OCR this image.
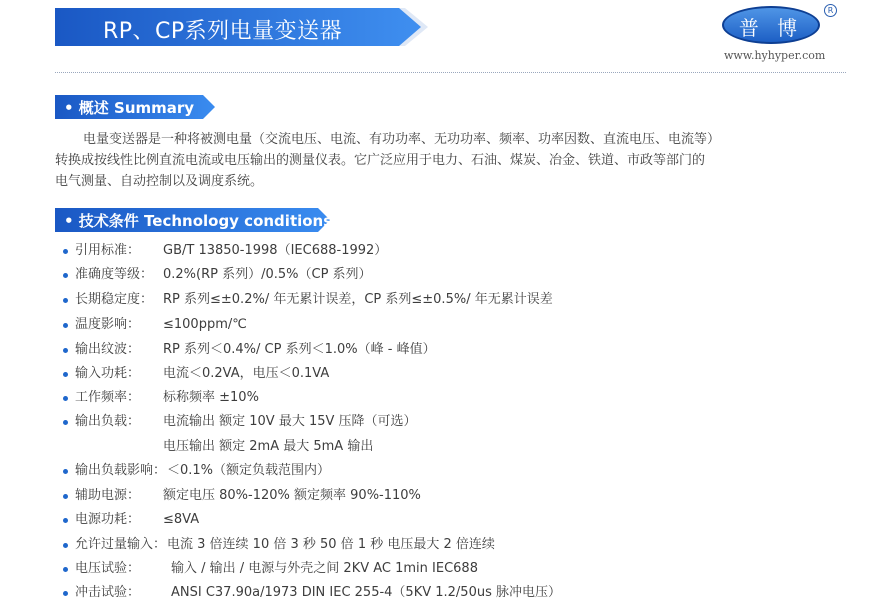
RP、CP系列电量变送器	普 博
R
www.hyhyper.com
• 概述 Summary

电量变送器是一种将被测电量（交流电压、电流、有功功率、无功功率、频率、功率因数、直流电压、电流等）

转换成按线性比例直流电流或电压输出的测量仪表。它广泛应用于电力、石油、煤炭、冶金、铁道、市政等部门的

电气测量、自动控制以及调度系统。

• 技术条件 Technology conditions
引用标准： GB/T 13850-1998（IEC688-1992）
准确度等级： 0.2%(RP 系列）/0.5%（CP 系列）
长期稳定度： RP 系列≤±0.2%/ 年无累计误差，CP 系列≤±0.5%/ 年无累计误差
温度影响： ≤100ppm/℃
输出纹波： RP 系列＜0.4%/ CP 系列＜1.0%（峰 - 峰值）
输入功耗： 电流＜0.2VA，电压＜0.1VA
工作频率： 标称频率 ±10%
输出负载： 电流输出 额定 10V 最大 15V 压降（可选）
电压输出 额定 2mA 最大 5mA 输出
输出负载影响： ＜0.1%（额定负载范围内）
辅助电源： 额定电压 80%-120% 额定频率 90%-110%
电源功耗： ≤8VA
允许过量输入： 电流 3 倍连续 10 倍 3 秒 50 倍 1 秒 电压最大 2 倍连续
电压试验： 输入 / 输出 / 电源与外壳之间 2KV AC 1min IEC688
冲击试验： ANSI C37.90a/1973 DIN IEC 255-4（5KV 1.2/50us 脉冲电压）
